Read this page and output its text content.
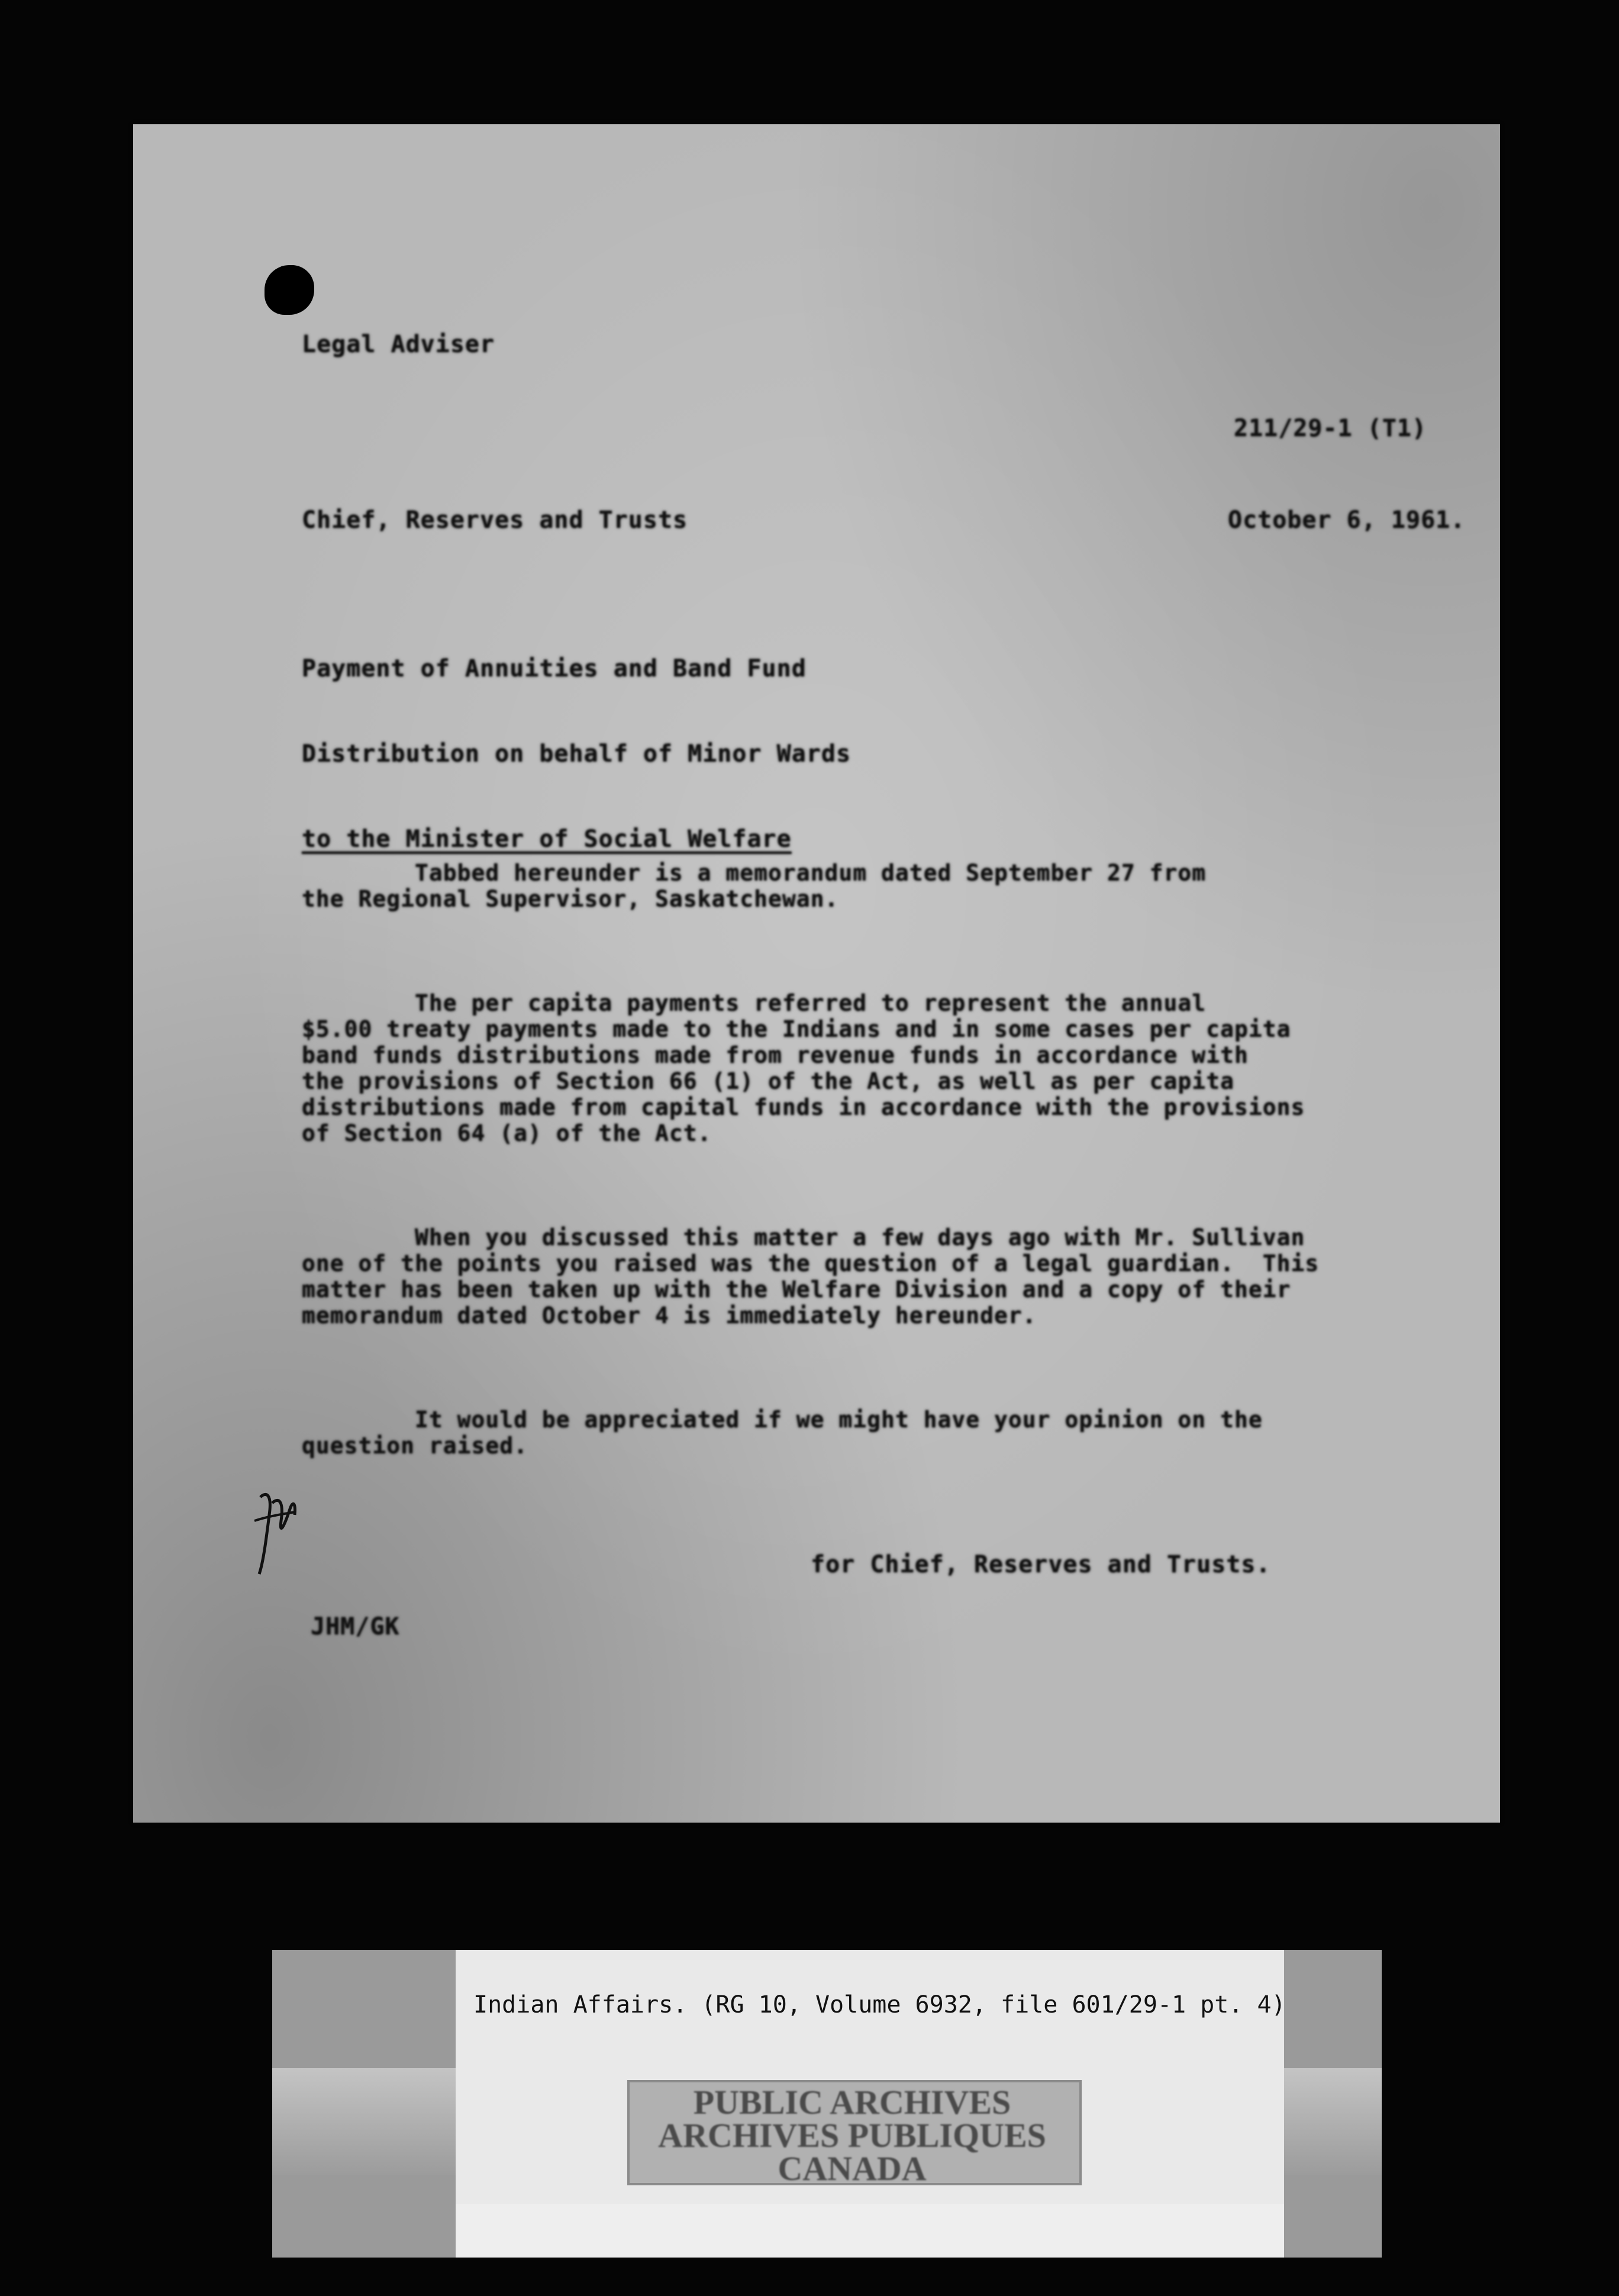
Legal Adviser
211/29-1 (T1)
Chief, Reserves and Trusts	October 6, 1961.

Payment of Annuities and Band Fund

Distribution on behalf of Minor Wards

to the Minister of Social Welfare

Tabbed hereunder is a memorandum dated September 27 from
the Regional Supervisor, Saskatchewan.

The per capita payments referred to represent the annual
$5.00 treaty payments made to the Indians and in some cases per capita
band funds distributions made from revenue funds in accordance with
the provisions of Section 66 (1) of the Act, as well as per capita
distributions made from capital funds in accordance with the provisions
of Section 64 (a) of the Act.

When you discussed this matter a few days ago with Mr. Sullivan
one of the points you raised was the question of a legal guardian.  This
matter has been taken up with the Welfare Division and a copy of their
memorandum dated October 4 is immediately hereunder.

It would be appreciated if we might have your opinion on the
question raised.

for Chief, Reserves and Trusts.
JHM/GK
Indian Affairs. (RG 10, Volume 6932, file 601/29-1 pt. 4)
PUBLIC ARCHIVES
ARCHIVES PUBLIQUES
CANADA
